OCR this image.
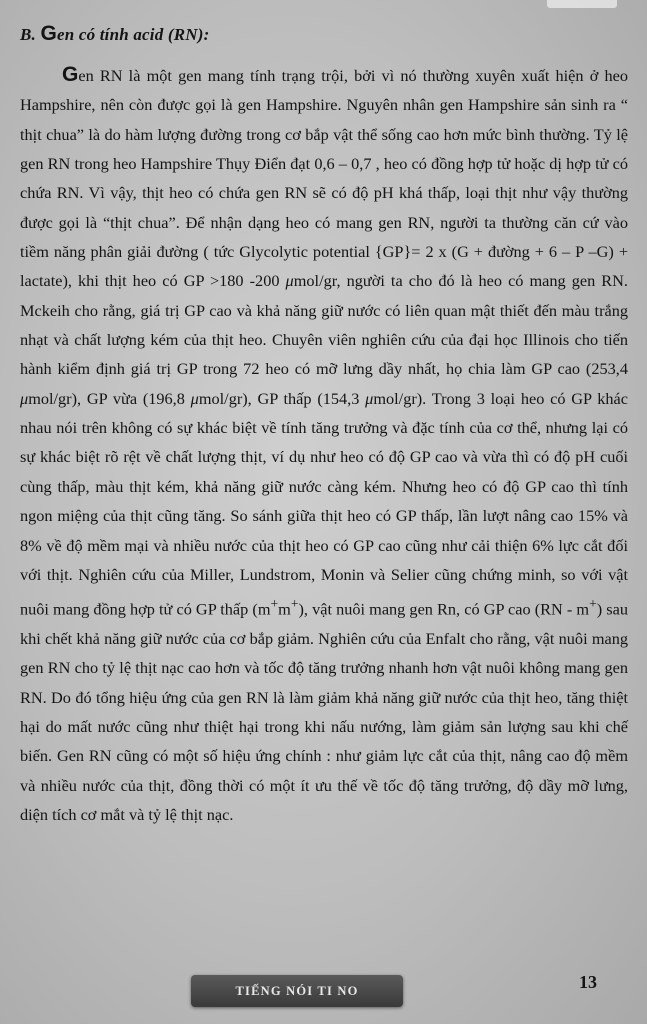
B. Gen có tính acid (RN):

Gen RN là một gen mang tính trạng trội, bởi vì nó thường xuyên xuất hiện ở heo Hampshire, nên còn được gọi là gen Hampshire. Nguyên nhân gen Hampshire sản sinh ra “ thịt chua” là do hàm lượng đường trong cơ bắp vật thể sống cao hơn mức bình thường. Tỷ lệ gen RN trong heo Hampshire Thụy Điển đạt 0,6 – 0,7 , heo có đồng hợp tử hoặc dị hợp tử có chứa RN. Vì vậy, thịt heo có chứa gen RN sẽ có độ pH khá thấp, loại thịt như vậy thường được gọi là “thịt chua”. Để nhận dạng heo có mang gen RN, người ta thường căn cứ vào tiềm năng phân giải đường ( tức Glycolytic potential {GP}= 2 x (G + đường + 6 – P –G) + lactate), khi thịt heo có GP >180 -200 μmol/gr, người ta cho đó là heo có mang gen RN. Mckeih cho rằng, giá trị GP cao và khả năng giữ nước có liên quan mật thiết đến màu trắng nhạt và chất lượng kém của thịt heo. Chuyên viên nghiên cứu của đại học Illinois cho tiến hành kiểm định giá trị GP trong 72 heo có mỡ lưng dầy nhất, họ chia làm GP cao (253,4 μmol/gr), GP vừa (196,8 μmol/gr), GP thấp (154,3 μmol/gr). Trong 3 loại heo có GP khác nhau nói trên không có sự khác biệt về tính tăng trưởng và đặc tính của cơ thể, nhưng lại có sự khác biệt rõ rệt về chất lượng thịt, ví dụ như heo có độ GP cao và vừa thì có độ pH cuối cùng thấp, màu thịt kém, khả năng giữ nước càng kém. Nhưng heo có độ GP cao thì tính ngon miệng của thịt cũng tăng. So sánh giữa thịt heo có GP thấp, lần lượt nâng cao 15% và 8% về độ mềm mại và nhiều nước của thịt heo có GP cao cũng như cải thiện 6% lực cắt đối với thịt. Nghiên cứu của Miller, Lundstrom, Monin và Selier cũng chứng minh, so với vật nuôi mang đồng hợp tử có GP thấp (m+m+), vật nuôi mang gen Rn, có GP cao (RN - m+) sau khi chết khả năng giữ nước của cơ bắp giảm. Nghiên cứu của Enfalt cho rằng, vật nuôi mang gen RN cho tỷ lệ thịt nạc cao hơn và tốc độ tăng trưởng nhanh hơn vật nuôi không mang gen RN. Do đó tổng hiệu ứng của gen RN là làm giảm khả năng giữ nước của thịt heo, tăng thiệt hại do mất nước cũng như thiệt hại trong khi nấu nướng, làm giảm sản lượng sau khi chế biến. Gen RN cũng có một số hiệu ứng chính : như giảm lực cắt của thịt, nâng cao độ mềm và nhiều nước của thịt, đồng thời có một ít ưu thế về tốc độ tăng trưởng, độ dầy mỡ lưng, diện tích cơ mắt và tỷ lệ thịt nạc.

TIẾNG NÓI TI NO	13
